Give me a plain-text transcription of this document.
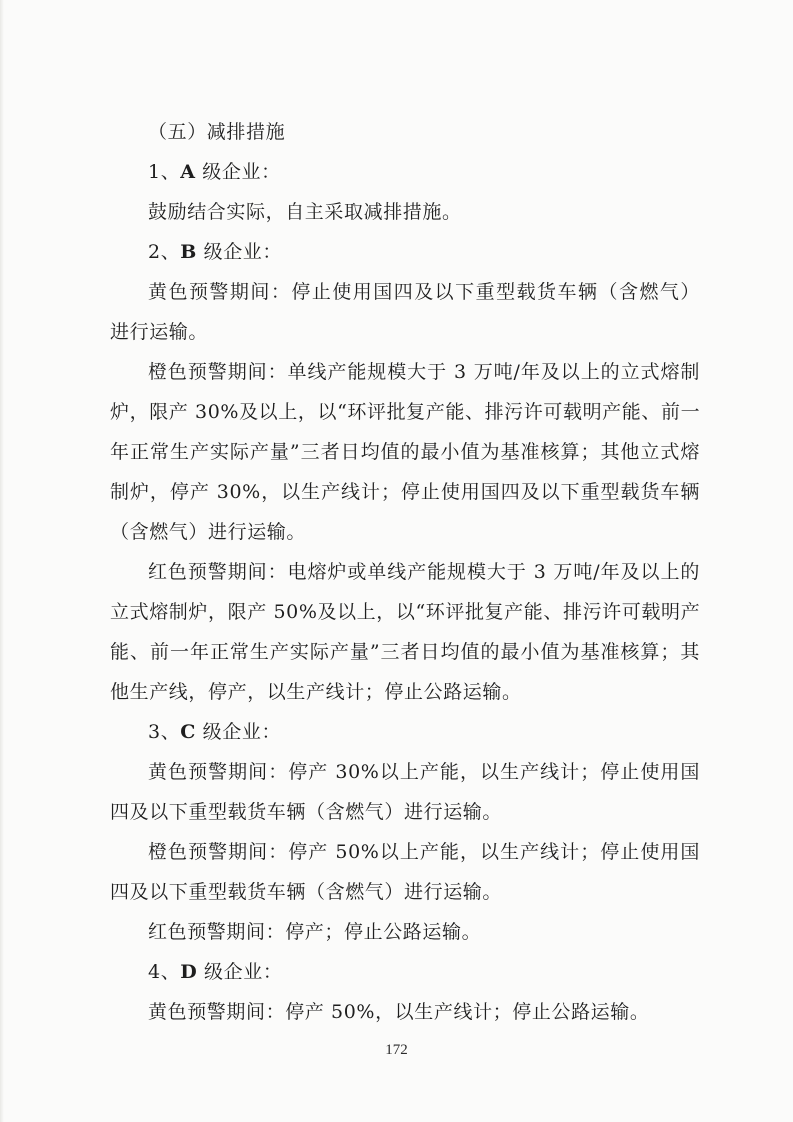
（五）减排措施
1、A 级企业：
鼓励结合实际，自主采取减排措施。
2、B 级企业：
黄色预警期间：停止使用国四及以下重型载货车辆（含燃气）
进行运输。
橙色预警期间：单线产能规模大于 3 万吨/年及以上的立式熔制
炉，限产 30%及以上，以“环评批复产能、排污许可载明产能、前一
年正常生产实际产量”三者日均值的最小值为基准核算；其他立式熔
制炉，停产 30%，以生产线计；停止使用国四及以下重型载货车辆
（含燃气）进行运输。
红色预警期间：电熔炉或单线产能规模大于 3 万吨/年及以上的
立式熔制炉，限产 50%及以上，以“环评批复产能、排污许可载明产
能、前一年正常生产实际产量”三者日均值的最小值为基准核算；其
他生产线，停产，以生产线计；停止公路运输。
3、C 级企业：
黄色预警期间：停产 30%以上产能，以生产线计；停止使用国
四及以下重型载货车辆（含燃气）进行运输。
橙色预警期间：停产 50%以上产能，以生产线计；停止使用国
四及以下重型载货车辆（含燃气）进行运输。
红色预警期间：停产；停止公路运输。
4、D 级企业：
黄色预警期间：停产 50%，以生产线计；停止公路运输。
172
